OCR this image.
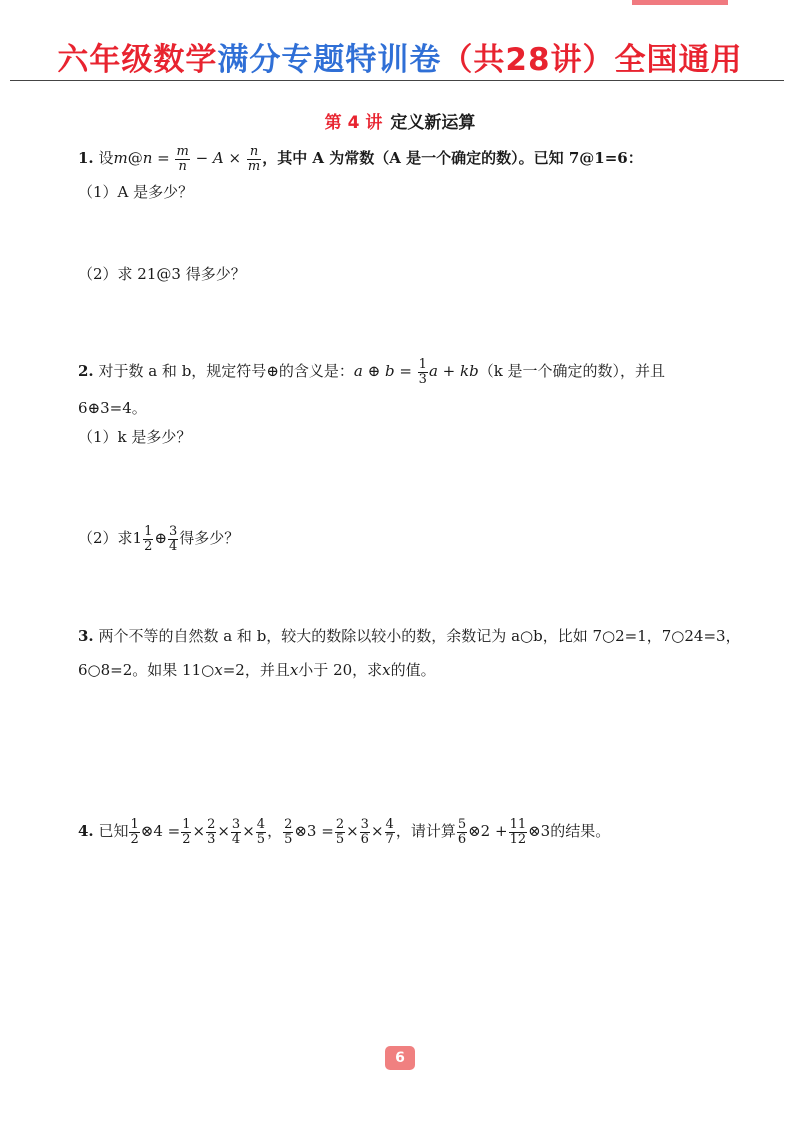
六年级数学满分专题特训卷（共28讲）全国通用
第 4 讲 定义新运算
1. 设m@n = $\frac{m}{n} - A \times \frac{n}{m}$ ，其中 A 为常数（A 是一个确定的数）。已知 7@1=6：
（1）A 是多少？
（2）求 21@3 得多少？
2. 对于数 a 和 b，规定符号⊕的含义是：a ⊕ $b = \frac{1}{3}$ a + kb（k 是一个确定的数），并且
6⊕3=4。
（1）k 是多少？
（2）求$1 \frac{1}{2}$ ⊕ $\frac{3}{4}$ 得多少？
3. 两个不等的自然数 a 和 b，较大的数除以较小的数，余数记为 a○b，比如 7○2=1，7○24=3，
6○8=2。如果 11○x=2，并且x小于 20，求x的值。
4. 已知 $\frac{1}{2}$ ⊗4 = $\frac{1}{2} \times \frac{2}{3} \times \frac{3}{4} \times \frac{4}{5}$ ， $\frac{2}{5}$ ⊗3 = $\frac{2}{5} \times \frac{3}{6} \times \frac{4}{7}$ ，请计算 $\frac{5}{6}$ ⊗2 + $\frac{11}{12}$ ⊗3的结果。
6
